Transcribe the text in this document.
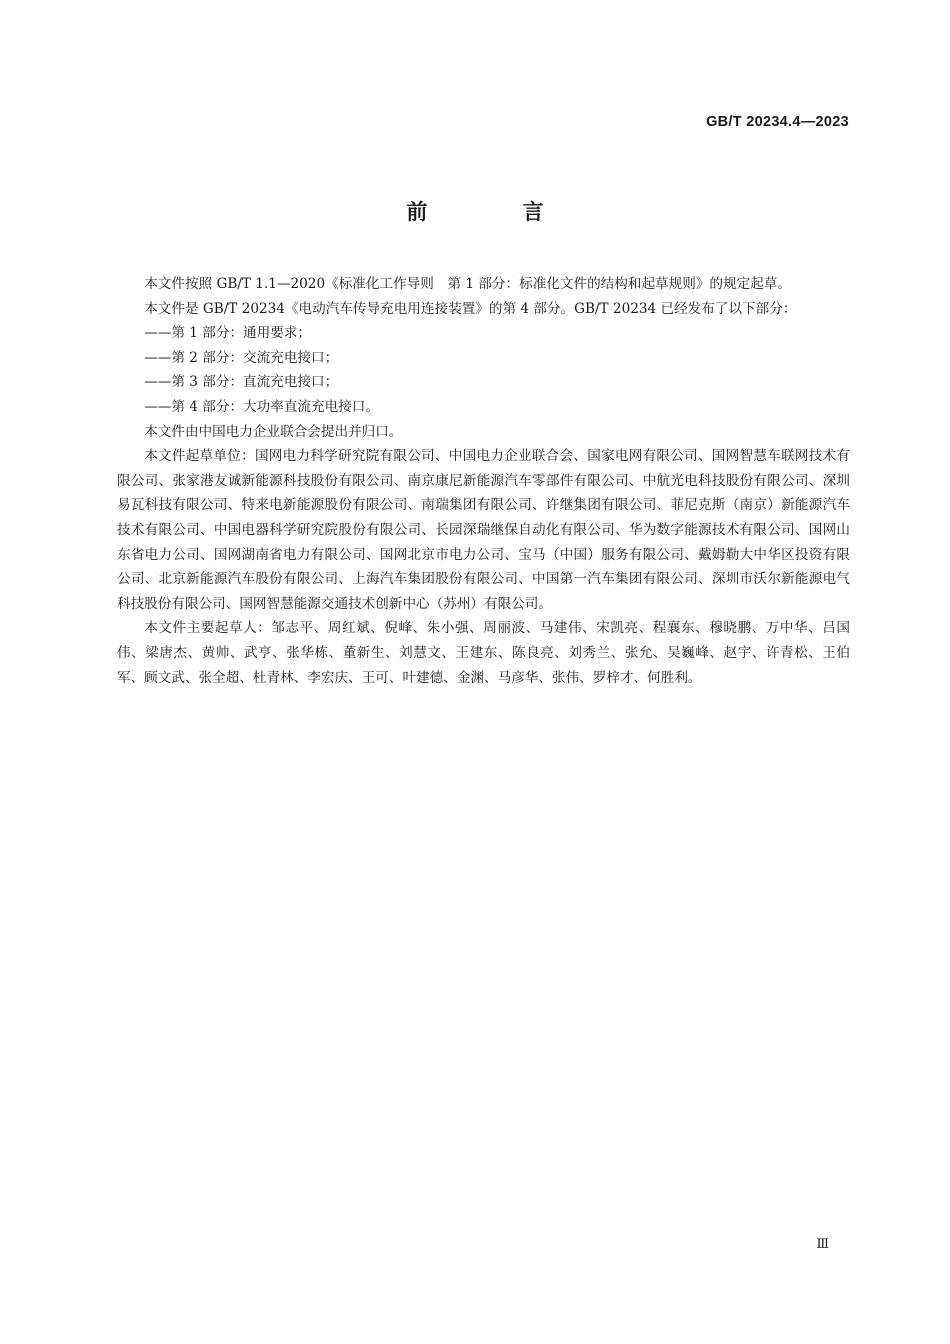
GB/T 20234.4—2023
前 言

本文件按照 GB/T 1.1—2020《标准化工作导则　第 1 部分：标准化文件的结构和起草规则》的规定起草。

本文件是 GB/T 20234《电动汽车传导充电用连接装置》的第 4 部分。GB/T 20234 已经发布了以下部分：

——第 1 部分：通用要求；

——第 2 部分：交流充电接口；

——第 3 部分：直流充电接口；

——第 4 部分：大功率直流充电接口。

本文件由中国电力企业联合会提出并归口。

本文件起草单位：国网电力科学研究院有限公司、中国电力企业联合会、国家电网有限公司、国网智慧车联网技术有限公司、张家港友诚新能源科技股份有限公司、南京康尼新能源汽车零部件有限公司、中航光电科技股份有限公司、深圳易瓦科技有限公司、特来电新能源股份有限公司、南瑞集团有限公司、许继集团有限公司、菲尼克斯（南京）新能源汽车技术有限公司、中国电器科学研究院股份有限公司、长园深瑞继保自动化有限公司、华为数字能源技术有限公司、国网山东省电力公司、国网湖南省电力有限公司、国网北京市电力公司、宝马（中国）服务有限公司、戴姆勒大中华区投资有限公司、北京新能源汽车股份有限公司、上海汽车集团股份有限公司、中国第一汽车集团有限公司、深圳市沃尔新能源电气科技股份有限公司、国网智慧能源交通技术创新中心（苏州）有限公司。

本文件主要起草人：邹志平、周红斌、倪峰、朱小强、周丽波、马建伟、宋凯亮、程襄东、穆晓鹏、万中华、吕国伟、梁唐杰、黄帅、武亨、张华栋、董新生、刘慧文、王建东、陈良亮、刘秀兰、张允、吴巍峰、赵宇、许青松、王伯军、顾文武、张全超、杜青林、李宏庆、王可、叶建德、金渊、马彦华、张伟、罗梓才、何胜利。

Ⅲ
